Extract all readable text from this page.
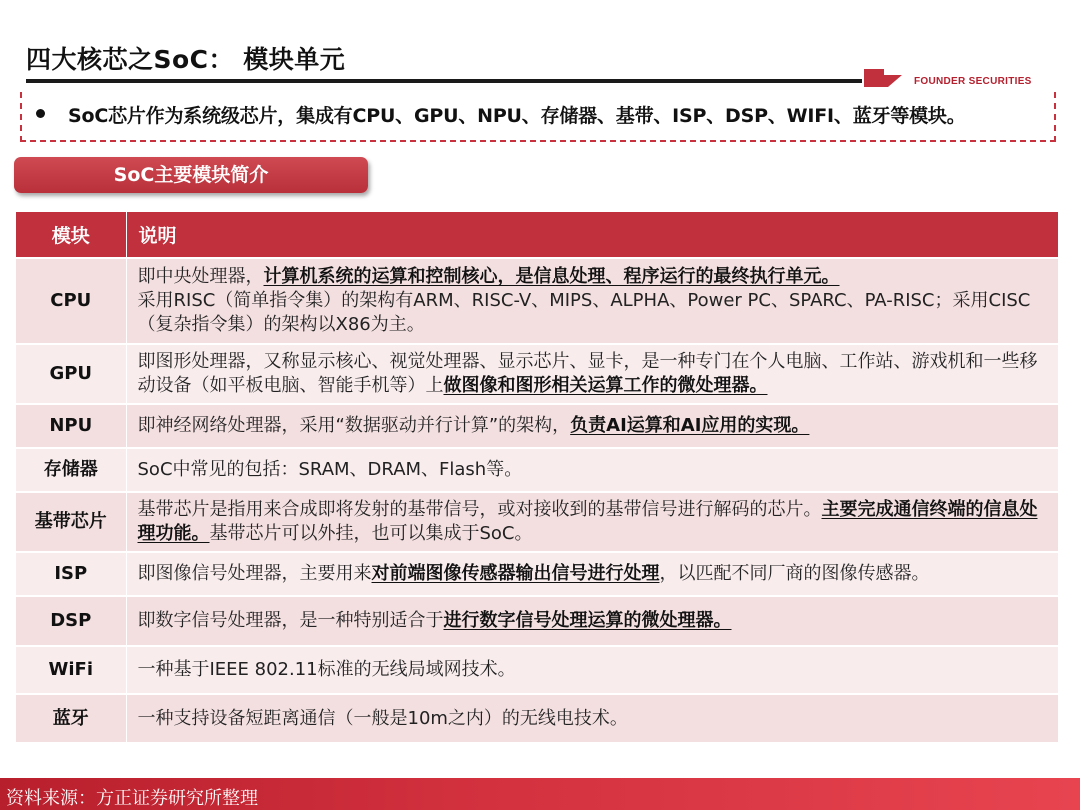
四大核芯之SoC： 模块单元
FOUNDER SECURITIES
SoC芯片作为系统级芯片，集成有CPU、GPU、NPU、存储器、基带、ISP、DSP、WIFI、蓝牙等模块。
SoC主要模块简介
模块	说明
CPU	即中央处理器，计算机系统的运算和控制核心，是信息处理、程序运行的最终执行单元。
采用RISC（简单指令集）的架构有ARM、RISC-V、MIPS、ALPHA、Power PC、SPARC、PA-RISC；采用CISC（复杂指令集）的架构以X86为主。
GPU	即图形处理器，又称显示核心、视觉处理器、显示芯片、显卡，是一种专门在个人电脑、工作站、游戏机和一些移动设备（如平板电脑、智能手机等）上做图像和图形相关运算工作的微处理器。
NPU	即神经网络处理器，采用“数据驱动并行计算”的架构，负责AI运算和AI应用的实现。
存储器	SoC中常见的包括：SRAM、DRAM、Flash等。
基带芯片	基带芯片是指用来合成即将发射的基带信号，或对接收到的基带信号进行解码的芯片。主要完成通信终端的信息处理功能。基带芯片可以外挂，也可以集成于SoC。
ISP	即图像信号处理器，主要用来对前端图像传感器输出信号进行处理，以匹配不同厂商的图像传感器。
DSP	即数字信号处理器，是一种特别适合于进行数字信号处理运算的微处理器。
WiFi	一种基于IEEE 802.11标准的无线局域网技术。
蓝牙	一种支持设备短距离通信（一般是10m之内）的无线电技术。
资料来源：方正证券研究所整理
